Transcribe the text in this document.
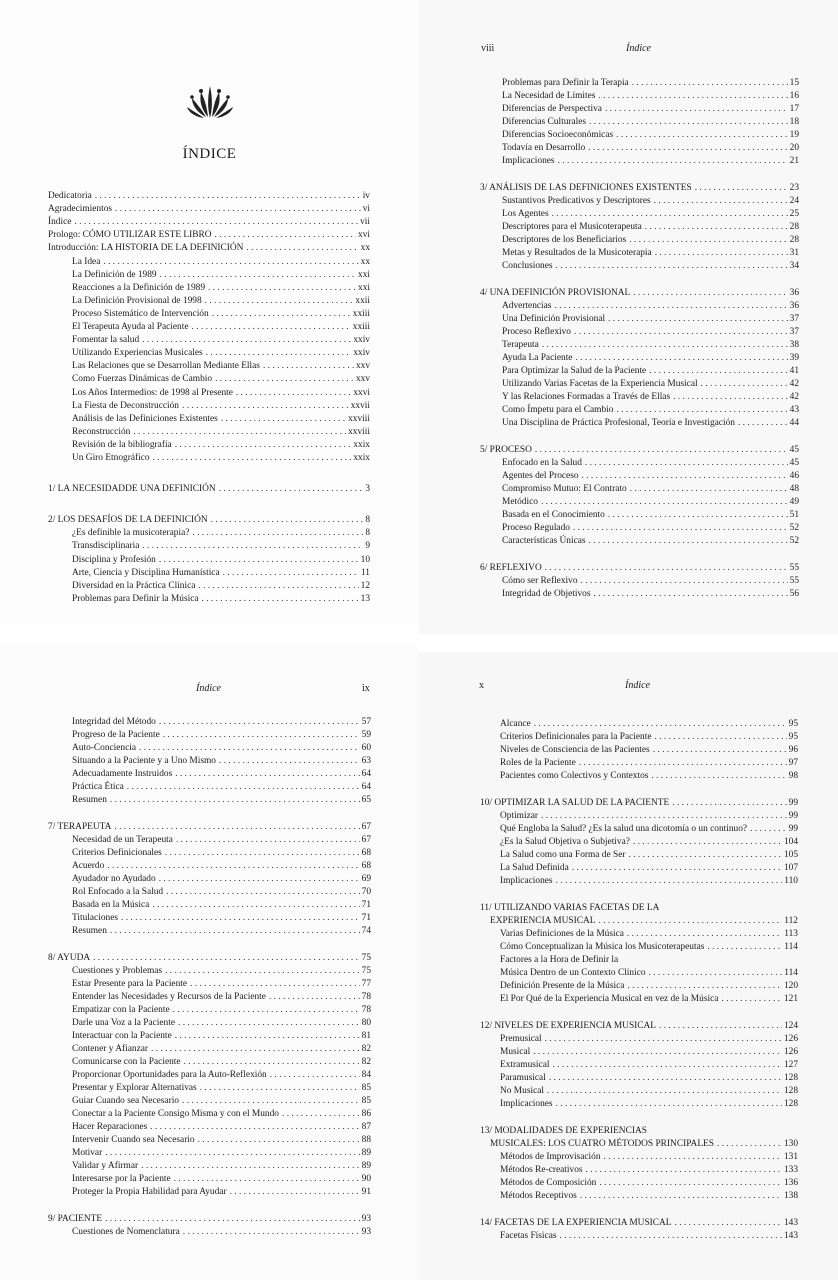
ÍNDICE
Dedicatoria . . .	iv
Agradecimientos . . .	vi
Índice . . .	vii
Prologo: CÓMO UTILIZAR ESTE LIBRO . . .	xvi
Introducción: LA HISTORIA DE LA DEFINICIÓN . . .	xx
La Idea . . .	xx
La Definición de 1989 . . .	xxi
Reacciones a la Definición de 1989 . . .	xxi
La Definición Provisional de 1998 . . .	xxii
Proceso Sistemático de Intervención . . .	xxiii
El Terapeuta Ayuda al Paciente . . .	xxiii
Fomentar la salud . . .	xxiv
Utilizando Experiencias Musicales . . .	xxiv
Las Relaciones que se Desarrollan Mediante Ellas . . .	xxv
Como Fuerzas Dinámicas de Cambio . . .	xxv
Los Años Intermedios: de 1998 al Presente . . .	xxvi
La Fiesta de Deconstrucción . . .	xxvii
Análisis de las Definiciones Existentes . . .	xxviii
Reconstrucción . . .	xxviii
Revisión de la bibliografía . . .	xxix
Un Giro Etnográfico . . .	xxix
1/ LA NECESIDADDE UNA DEFINICIÓN . . .	3
2/ LOS DESAFÍOS DE LA DEFINICIÓN . . .	8
¿Es definible la musicoterapia? . . .	8
Transdisciplinaria . . .	9
Disciplina y Profesión . . .	10
Arte, Ciencia y Disciplina Humanística . . .	11
Diversidad en la Práctica Clínica . . .	12
Problemas para Definir la Música . . .	13
viii	Índice
Problemas para Definir la Terapia . . .	15
La Necesidad de Límites . . .	16
Diferencias de Perspectiva . . .	17
Diferencias Culturales . . .	18
Diferencias Socioeconómicas . . .	19
Todavía en Desarrollo . . .	20
Implicaciones . . .	21
3/ ANÁLISIS DE LAS DEFINICIONES EXISTENTES . . .	23
Sustantivos Predicativos y Descriptores . . .	24
Los Agentes . . .	25
Descriptores para el Musicoterapeuta . . .	28
Descriptores de los Beneficiarios . . .	28
Metas y Resultados de la Musicoterapia . . .	31
Conclusiones . . .	34
4/ UNA DEFINICIÓN PROVISIONAL . . .	36
Advertencias . . .	36
Una Definición Provisional . . .	37
Proceso Reflexivo . . .	37
Terapeuta . . .	38
Ayuda La Paciente . . .	39
Para Optimizar la Salud de la Paciente . . .	41
Utilizando Varias Facetas de la Experiencia Musical . . .	42
Y las Relaciones Formadas a Través de Ellas . . .	42
Como Ímpetu para el Cambio . . .	43
Una Disciplina de Práctica Profesional, Teoría e Investigación . . .	44
5/ PROCESO . . .	45
Enfocado en la Salud . . .	45
Agentes del Proceso . . .	46
Compromiso Mutuo: El Contrato . . .	48
Metódico . . .	49
Basada en el Conocimiento . . .	51
Proceso Regulado . . .	52
Características Únicas . . .	52
6/ REFLEXIVO . . .	55
Cómo ser Reflexivo . . .	55
Integridad de Objetivos . . .	56
Índice	ix
Integridad del Método . . .	57
Progreso de la Paciente . . .	59
Auto-Conciencia . . .	60
Situando a la Paciente y a Uno Mismo . . .	63
Adecuadamente Instruidos . . .	64
Práctica Ética . . .	64
Resumen . . .	65
7/ TERAPEUTA . . .	67
Necesidad de un Terapeuta . . .	67
Criterios Definicionales . . .	68
Acuerdo . . .	68
Ayudador no Ayudado . . .	69
Rol Enfocado a la Salud . . .	70
Basada en la Música . . .	71
Titulaciones . . .	71
Resumen . . .	74
8/ AYUDA . . .	75
Cuestiones y Problemas . . .	75
Estar Presente para la Paciente . . .	77
Entender las Necesidades y Recursos de la Paciente . . .	78
Empatizar con la Paciente . . .	78
Darle una Voz a la Paciente . . .	80
Interactuar con la Paciente . . .	81
Contener y Afianzar . . .	82
Comunicarse con la Paciente . . .	82
Proporcionar Oportunidades para la Auto-Reflexión . . .	84
Presentar y Explorar Alternativas . . .	85
Guiar Cuando sea Necesario . . .	85
Conectar a la Paciente Consigo Misma y con el Mundo . . .	86
Hacer Reparaciones . . .	87
Intervenir Cuando sea Necesario . . .	88
Motivar . . .	89
Validar y Afirmar . . .	89
Interesarse por la Paciente . . .	90
Proteger la Propia Habilidad para Ayudar . . .	91
9/ PACIENTE . . .	93
Cuestiones de Nomenclatura . . .	93
x	Índice
Alcance . . .	95
Criterios Definicionales para la Paciente . . .	95
Niveles de Consciencia de las Pacientes . . .	96
Roles de la Paciente . . .	97
Pacientes como Colectivos y Contextos . . .	98
10/ OPTIMIZAR LA SALUD DE LA PACIENTE . . .	99
Optimizar . . .	99
Qué Engloba la Salud? ¿Es la salud una dicotomía o un continuo? . . .	99
¿Es la Salud Objetiva o Subjetiva? . . .	104
La Salud como una Forma de Ser . . .	105
La Salud Definida . . .	107
Implicaciones . . .	110
11/ UTILIZANDO VARIAS FACETAS DE LA
EXPERIENCIA MUSICAL . . .	112
Varias Definiciones de la Música . . .	113
Cómo Conceptualizan la Música los Musicoterapeutas . . .	114
Factores a la Hora de Definir la
Música Dentro de un Contexto Clínico . . .	114
Definición Presente de la Música . . .	120
El Por Qué de la Experiencia Musical en vez de la Música . . .	121
12/ NIVELES DE EXPERIENCIA MUSICAL . . .	124
Premusical . . .	126
Musical . . .	126
Extramusical . . .	127
Paramusical . . .	128
No Musical . . .	128
Implicaciones . . .	128
13/ MODALIDADES DE EXPERIENCIAS
MUSICALES: LOS CUATRO MÉTODOS PRINCIPALES . . .	130
Métodos de Improvisación . . .	131
Métodos Re-creativos . . .	133
Métodos de Composición . . .	136
Métodos Receptivos . . .	138
14/ FACETAS DE LA EXPERIENCIA MUSICAL . . .	143
Facetas Físicas . . .	143
